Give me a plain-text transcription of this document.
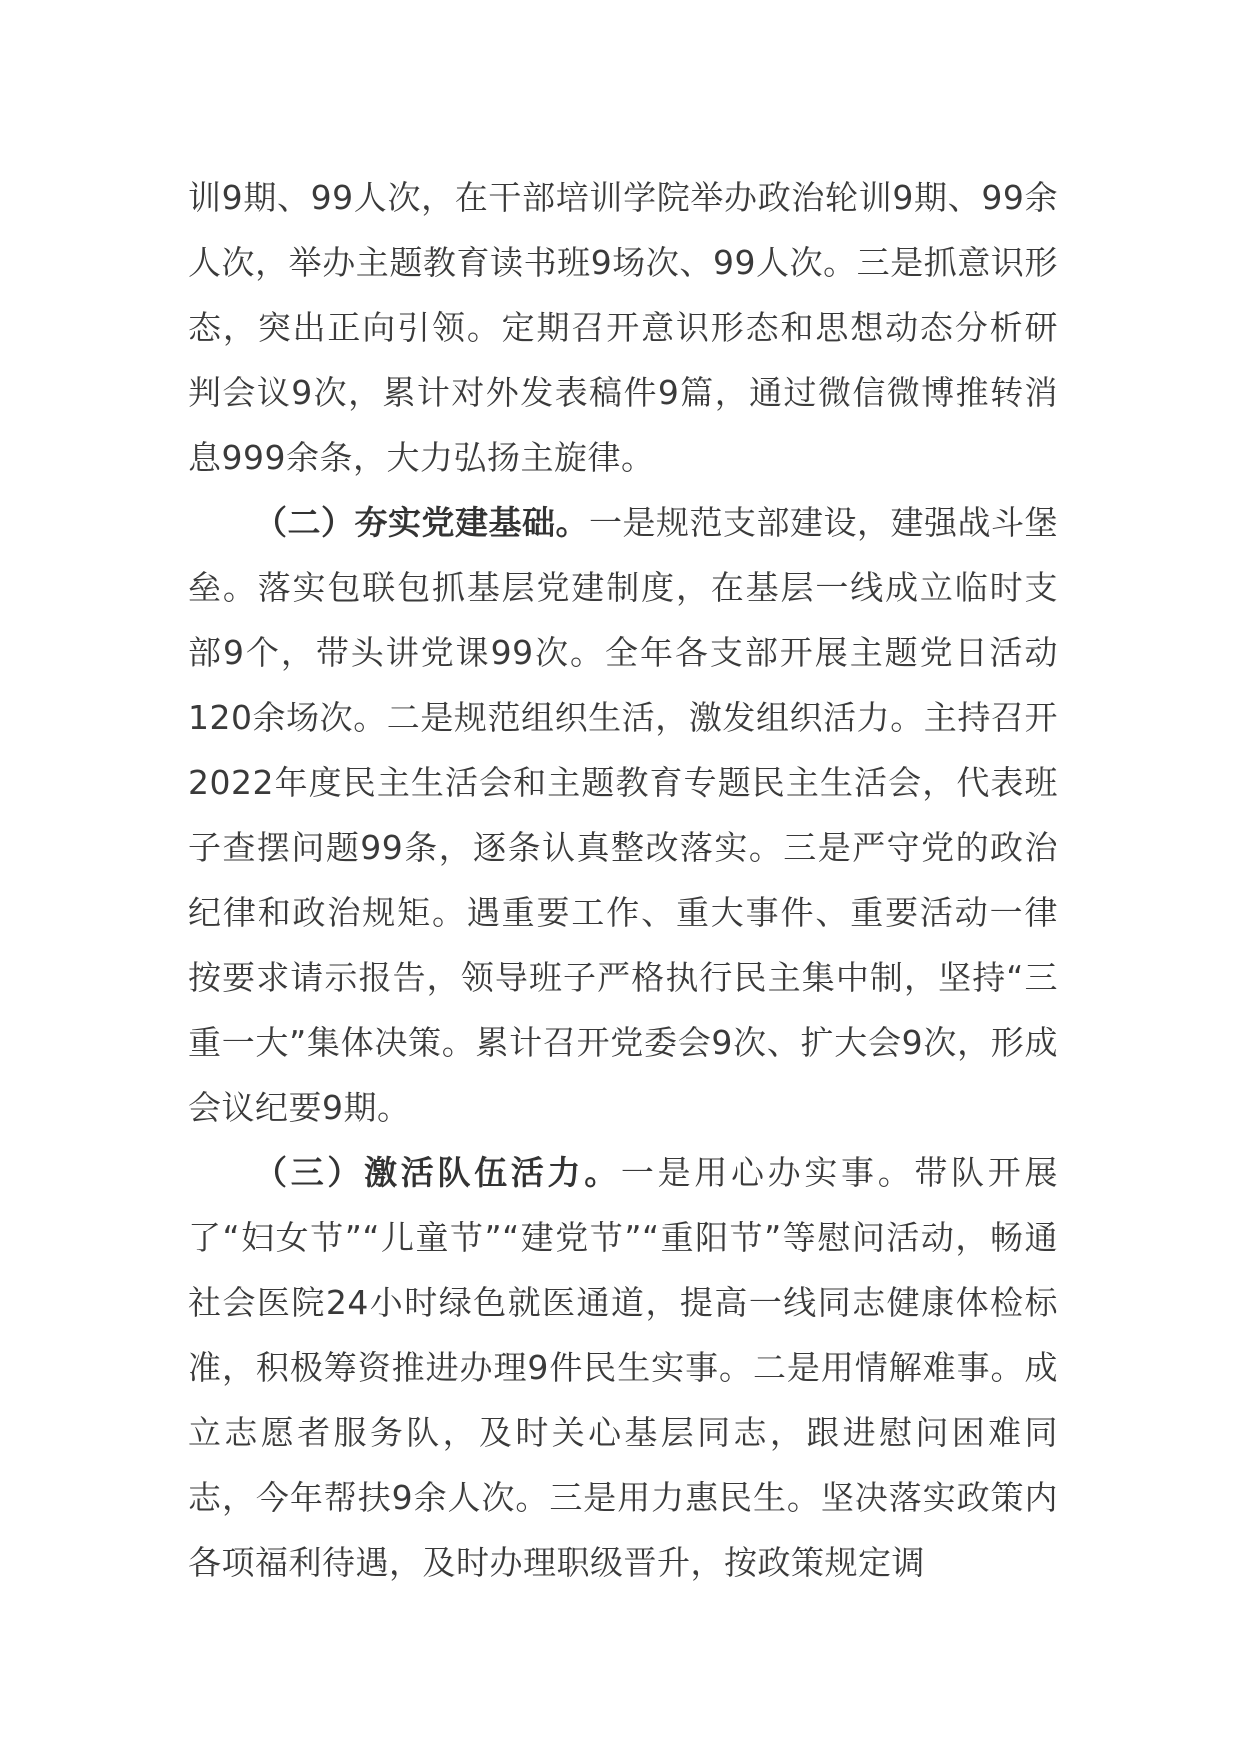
训9期、99人次，在干部培训学院举办政治轮训9期、99余人次，举办主题教育读书班9场次、99人次。三是抓意识形态，突出正向引领。定期召开意识形态和思想动态分析研判会议9次，累计对外发表稿件9篇，通过微信微博推转消息999余条，大力弘扬主旋律。

（二）夯实党建基础。一是规范支部建设，建强战斗堡垒。落实包联包抓基层党建制度，在基层一线成立临时支部9个，带头讲党课99次。全年各支部开展主题党日活动120余场次。二是规范组织生活，激发组织活力。主持召开2022年度民主生活会和主题教育专题民主生活会，代表班子查摆问题99条，逐条认真整改落实。三是严守党的政治纪律和政治规矩。遇重要工作、重大事件、重要活动一律按要求请示报告，领导班子严格执行民主集中制，坚持“三重一大”集体决策。累计召开党委会9次、扩大会9次，形成会议纪要9期。

（三）激活队伍活力。一是用心办实事。带队开展了“妇女节”“儿童节”“建党节”“重阳节”等慰问活动，畅通社会医院24小时绿色就医通道，提高一线同志健康体检标准，积极筹资推进办理9件民生实事。二是用情解难事。成立志愿者服务队，及时关心基层同志，跟进慰问困难同志，今年帮扶9余人次。三是用力惠民生。坚决落实政策内各项福利待遇，及时办理职级晋升，按政策规定调
